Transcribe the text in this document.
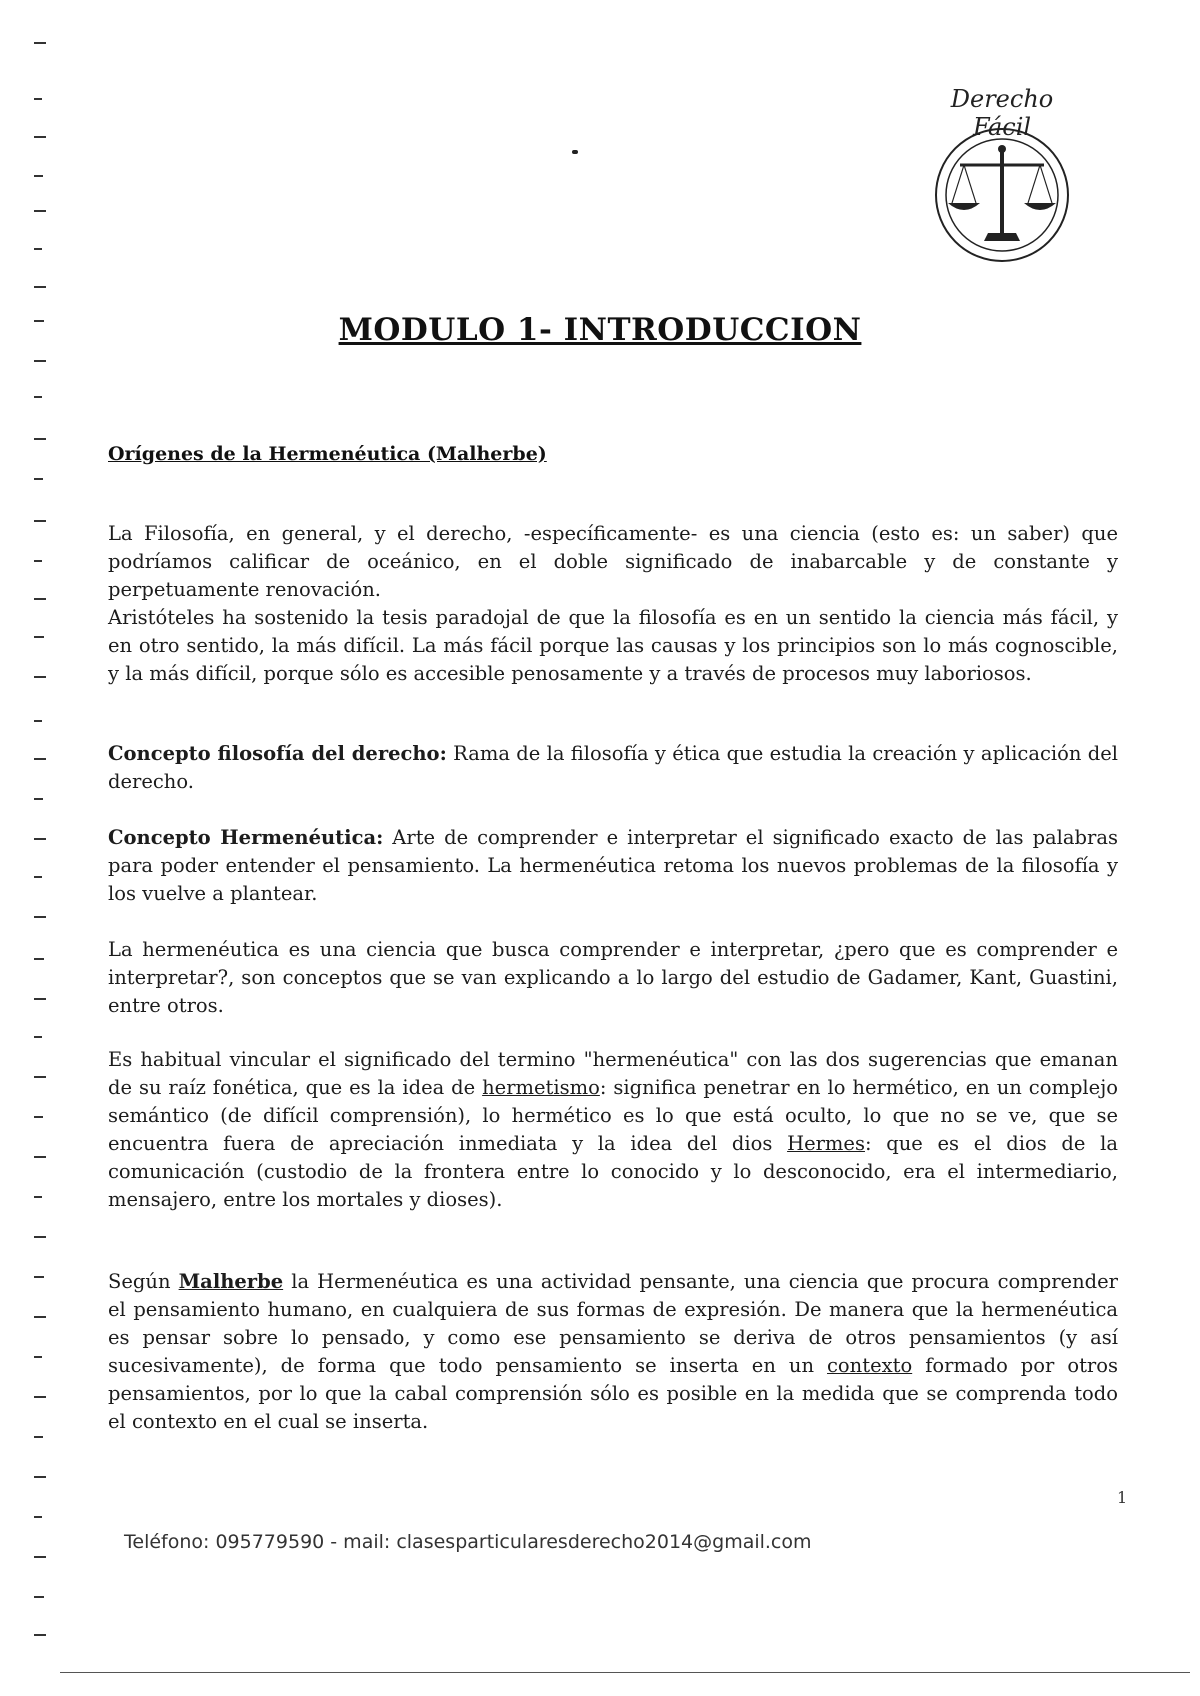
Derecho Fácil
MODULO 1- INTRODUCCION
Orígenes de la Hermenéutica (Malherbe)
La Filosofía, en general, y el derecho, -específicamente- es una ciencia (esto es: un saber) que podríamos calificar de oceánico, en el doble significado de inabarcable y de constante y perpetuamente renovación.
Aristóteles ha sostenido la tesis paradojal de que la filosofía es en un sentido la ciencia más fácil, y en otro sentido, la más difícil. La más fácil porque las causas y los principios son lo más cognoscible, y la más difícil, porque sólo es accesible penosamente y a través de procesos muy laboriosos.
Concepto filosofía del derecho: Rama de la filosofía y ética que estudia la creación y aplicación del derecho.
Concepto Hermenéutica: Arte de comprender e interpretar el significado exacto de las palabras para poder entender el pensamiento. La hermenéutica retoma los nuevos problemas de la filosofía y los vuelve a plantear.
La hermenéutica es una ciencia que busca comprender e interpretar, ¿pero que es comprender e interpretar?, son conceptos que se van explicando a lo largo del estudio de Gadamer, Kant, Guastini, entre otros.
Es habitual vincular el significado del termino "hermenéutica" con las dos sugerencias que emanan de su raíz fonética, que es la idea de hermetismo: significa penetrar en lo hermético, en un complejo semántico (de difícil comprensión), lo hermético es lo que está oculto, lo que no se ve, que se encuentra fuera de apreciación inmediata y la idea del dios Hermes: que es el dios de la comunicación (custodio de la frontera entre lo conocido y lo desconocido, era el intermediario, mensajero, entre los mortales y dioses).
Según Malherbe la Hermenéutica es una actividad pensante, una ciencia que procura comprender el pensamiento humano, en cualquiera de sus formas de expresión. De manera que la hermenéutica es pensar sobre lo pensado, y como ese pensamiento se deriva de otros pensamientos (y así sucesivamente), de forma que todo pensamiento se inserta en un contexto formado por otros pensamientos, por lo que la cabal comprensión sólo es posible en la medida que se comprenda todo el contexto en el cual se inserta.
1
Teléfono: 095779590 - mail: clasesparticularesderecho2014@gmail.com
